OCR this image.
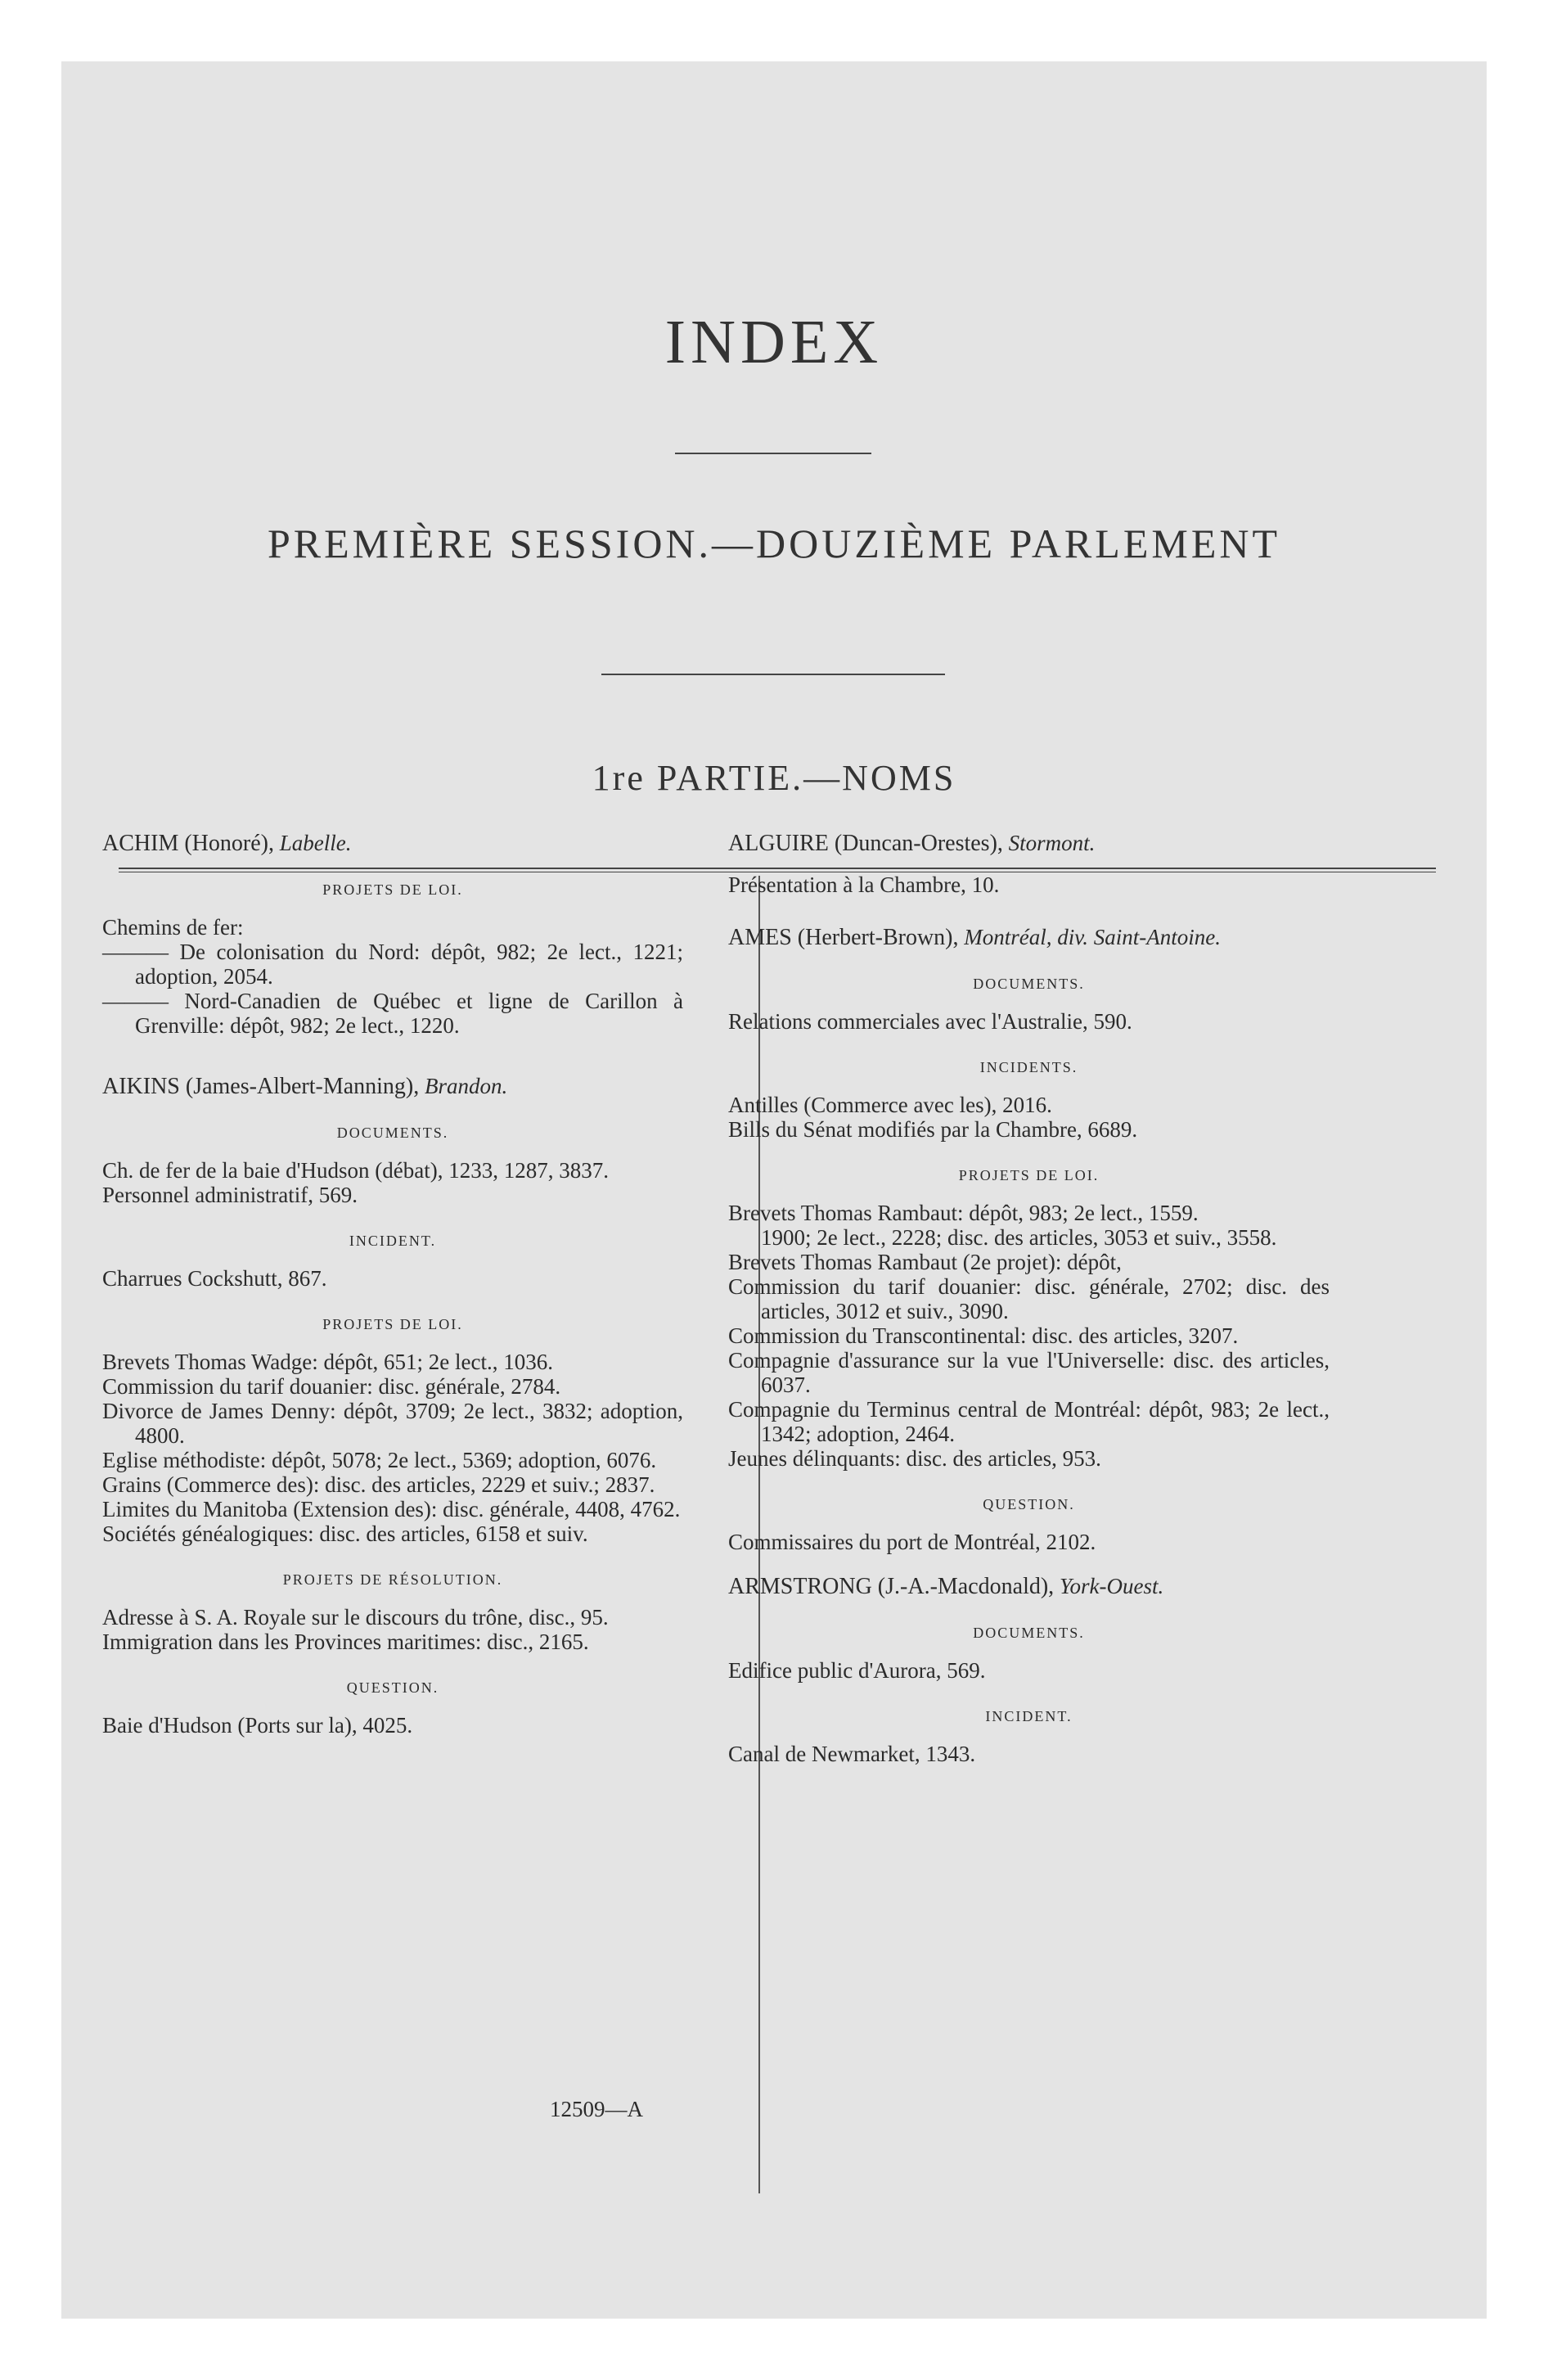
INDEX
PREMIÈRE SESSION.—DOUZIÈME PARLEMENT
1re PARTIE.—NOMS

ACHIM (Honoré), Labelle.

PROJETS DE LOI.

Chemins de fer:

——— De colonisation du Nord: dépôt, 982; 2e lect., 1221; adoption, 2054.

——— Nord-Canadien de Québec et ligne de Carillon à Grenville: dépôt, 982; 2e lect., 1220.

AIKINS (James-Albert-Manning), Brandon.

DOCUMENTS.

Ch. de fer de la baie d'Hudson (débat), 1233, 1287, 3837.

Personnel administratif, 569.

INCIDENT.

Charrues Cockshutt, 867.

PROJETS DE LOI.

Brevets Thomas Wadge: dépôt, 651; 2e lect., 1036.

Commission du tarif douanier: disc. générale, 2784.

Divorce de James Denny: dépôt, 3709; 2e lect., 3832; adoption, 4800.

Eglise méthodiste: dépôt, 5078; 2e lect., 5369; adoption, 6076.

Grains (Commerce des): disc. des articles, 2229 et suiv.; 2837.

Limites du Manitoba (Extension des): disc. générale, 4408, 4762.

Sociétés généalogiques: disc. des articles, 6158 et suiv.

PROJETS DE RÉSOLUTION.

Adresse à S. A. Royale sur le discours du trône, disc., 95.

Immigration dans les Provinces maritimes: disc., 2165.

QUESTION.

Baie d'Hudson (Ports sur la), 4025.

ALGUIRE (Duncan-Orestes), Stormont.

Présentation à la Chambre, 10.

AMES (Herbert-Brown), Montréal, div. Saint-Antoine.

DOCUMENTS.

Relations commerciales avec l'Australie, 590.

INCIDENTS.

Antilles (Commerce avec les), 2016.

Bills du Sénat modifiés par la Chambre, 6689.

PROJETS DE LOI.

Brevets Thomas Rambaut: dépôt, 983; 2e lect., 1559.

1900; 2e lect., 2228; disc. des articles, 3053 et suiv., 3558.

Brevets Thomas Rambaut (2e projet): dépôt,

Commission du tarif douanier: disc. générale, 2702; disc. des articles, 3012 et suiv., 3090.

Commission du Transcontinental: disc. des articles, 3207.

Compagnie d'assurance sur la vue l'Universelle: disc. des articles, 6037.

Compagnie du Terminus central de Montréal: dépôt, 983; 2e lect., 1342; adoption, 2464.

Jeunes délinquants: disc. des articles, 953.

QUESTION.

Commissaires du port de Montréal, 2102.

ARMSTRONG (J.-A.-Macdonald), York-Ouest.

DOCUMENTS.

Edifice public d'Aurora, 569.

INCIDENT.

Canal de Newmarket, 1343.

12509—A
